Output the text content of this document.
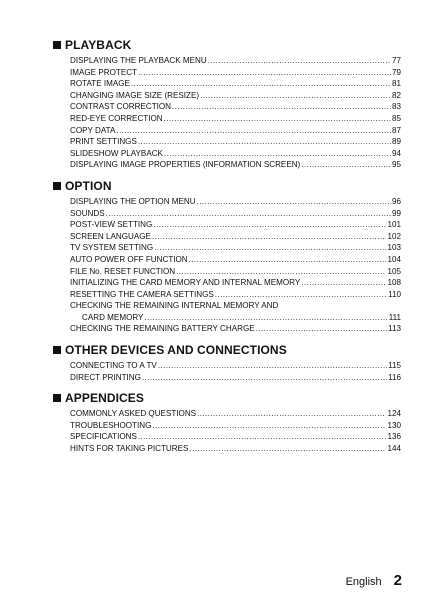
PLAYBACK
DISPLAYING THE PLAYBACK MENU .....	77
IMAGE PROTECT .....	79
ROTATE IMAGE .....	81
CHANGING IMAGE SIZE (RESIZE) .....	82
CONTRAST CORRECTION .....	83
RED-EYE CORRECTION .....	85
COPY DATA .....	87
PRINT SETTINGS .....	89
SLIDESHOW PLAYBACK .....	94
DISPLAYING IMAGE PROPERTIES (INFORMATION SCREEN) .....	95
OPTION
DISPLAYING THE OPTION MENU .....	96
SOUNDS .....	99
POST-VIEW SETTING .....	101
SCREEN LANGUAGE .....	102
TV SYSTEM SETTING .....	103
AUTO POWER OFF FUNCTION .....	104
FILE No. RESET FUNCTION .....	105
INITIALIZING THE CARD MEMORY AND INTERNAL MEMORY .....	108
RESETTING THE CAMERA SETTINGS .....	110
CHECKING THE REMAINING INTERNAL MEMORY AND
CARD MEMORY .....	111
CHECKING THE REMAINING BATTERY CHARGE .....	113
OTHER DEVICES AND CONNECTIONS
CONNECTING TO A TV .....	115
DIRECT PRINTING .....	116
APPENDICES
COMMONLY ASKED QUESTIONS .....	124
TROUBLESHOOTING .....	130
SPECIFICATIONS .....	136
HINTS FOR TAKING PICTURES .....	144
English 2
